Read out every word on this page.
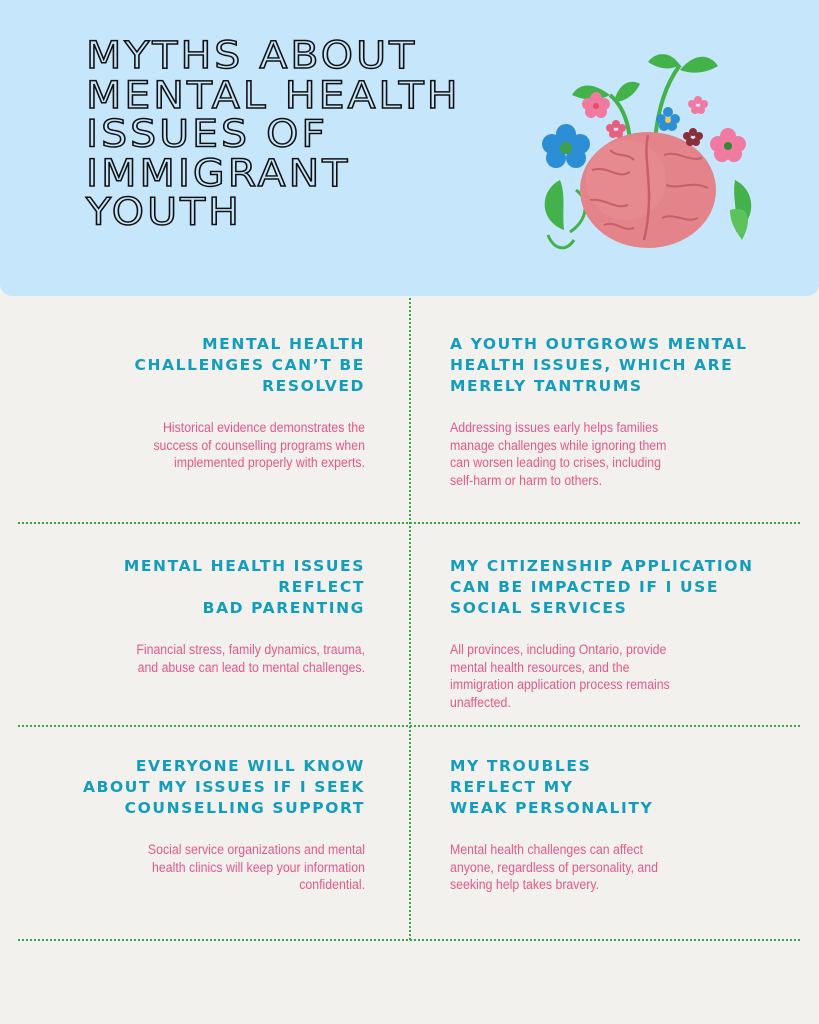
MYTHS ABOUT
MENTAL HEALTH
ISSUES OF
IMMIGRANT
YOUTH
MENTAL HEALTH
CHALLENGES CAN’T BE
RESOLVED

Historical evidence demonstrates the
success of counselling programs when
implemented properly with experts.

A YOUTH OUTGROWS MENTAL
HEALTH ISSUES, WHICH ARE
MERELY TANTRUMS

Addressing issues early helps families
manage challenges while ignoring them
can worsen leading to crises, including
self-harm or harm to others.

MENTAL HEALTH ISSUES
REFLECT
BAD PARENTING

Financial stress, family dynamics, trauma,
and abuse can lead to mental challenges.

MY CITIZENSHIP APPLICATION
CAN BE IMPACTED IF I USE
SOCIAL SERVICES

All provinces, including Ontario, provide
mental health resources, and the
immigration application process remains
unaffected.

EVERYONE WILL KNOW
ABOUT MY ISSUES IF I SEEK
COUNSELLING SUPPORT

Social service organizations and mental
health clinics will keep your information
confidential.

MY TROUBLES
REFLECT MY
WEAK PERSONALITY

Mental health challenges can affect
anyone, regardless of personality, and
seeking help takes bravery.
